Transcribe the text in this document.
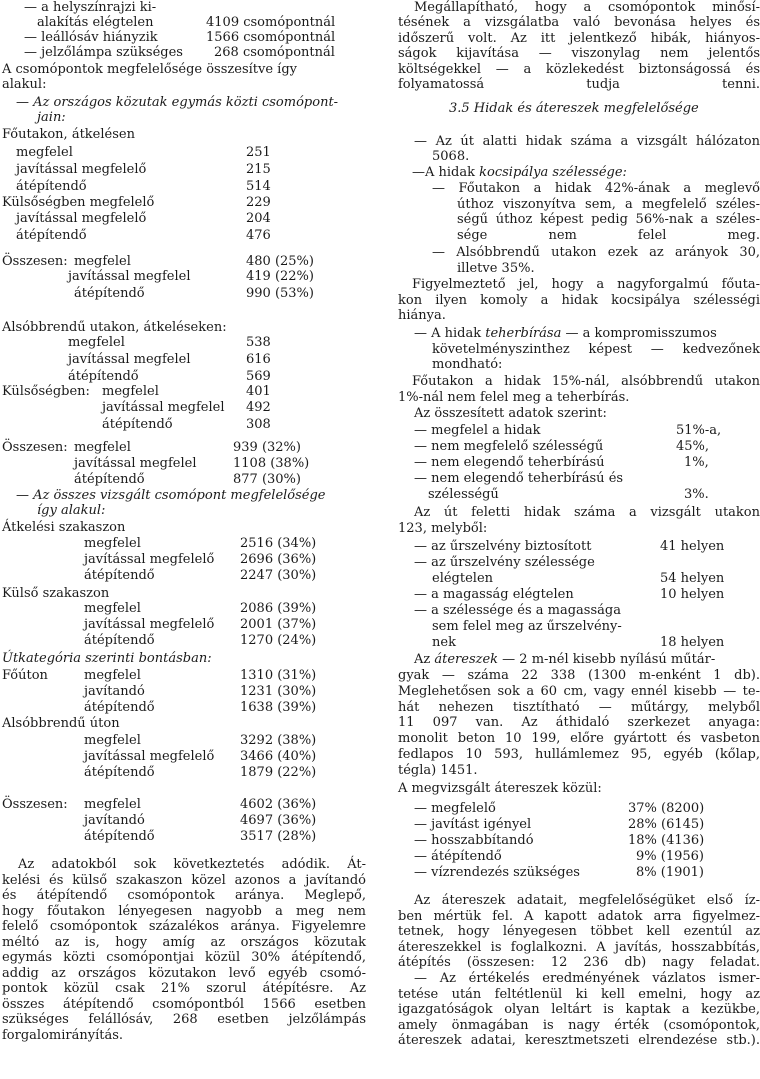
— a helyszínrajzi ki-
alakítás elégtelen	4109 csomópontnál
— leállósáv hiányzik	1566 csomópontnál
— jelzőlámpa szükséges 268 csomópontnál
A csomópontok megfelelősége összesítve így
alakul:
— Az országos közutak egymás közti csomópont-
jain:
Főutakon, átkelésen
megfelel	251
javítással megfelelő	215
átépítendő	514
Külsőségben megfelelő	229
javítással megfelelő	204
átépítendő	476
Összesen: megfelel	480 (25%)
javítással megfelel	419 (22%)
átépítendő	990 (53%)
Alsóbbrendű utakon, átkeléseken:
megfelel	538
javítással megfelel	616
átépítendő	569
Külsőségben: megfelel	401
javítással megfelel 492
átépítendő	308
Összesen: megfelel	939 (32%)
javítással megfelel	1108 (38%)
átépítendő	877 (30%)
— Az összes vizsgált csomópont megfelelősége
így alakul:
Átkelési szakaszon
megfelel	2516 (34%)
javítással megfelelő 2696 (36%)
átépítendő	2247 (30%)
Külső szakaszon
megfelel	2086 (39%)
javítással megfelelő 2001 (37%)
átépítendő	1270 (24%)
Útkategória szerinti bontásban:
Főúton	megfelel	1310 (31%)
javítandó	1231 (30%)
átépítendő	1638 (39%)
Alsóbbrendű úton
megfelel	3292 (38%)
javítással megfelelő 3466 (40%)
átépítendő	1879 (22%)
Összesen: megfelel	4602 (36%)
javítandó	4697 (36%)
átépítendő	3517 (28%)
Az adatokból sok következtetés adódik. Át-
kelési és külső szakaszon közel azonos a javítandó
és átépítendő csomópontok aránya. Meglepő,
hogy főutakon lényegesen nagyobb a meg nem
felelő csomópontok százalékos aránya. Figyelemre
méltó az is, hogy amíg az országos közutak
egymás közti csomópontjai közül 30% átépítendő,
addig az országos közutakon levő egyéb csomó-
pontok közül csak 21% szorul átépítésre. Az
összes átépítendő csomópontból 1566 esetben
szükséges felállósáv, 268 esetben jelzőlámpás
forgalomirányítás.
Megállapítható, hogy a csomópontok minősí-
tésének a vizsgálatba való bevonása helyes és
időszerű volt. Az itt jelentkező hibák, hiányos-
ságok kijavítása — viszonylag nem jelentős
költségekkel — a közlekedést biztonságossá és
folyamatossá tudja tenni.
3.5 Hidak és átereszek megfelelősége
— Az út alatti hidak száma a vizsgált hálózaton
5068.
—A hidak kocsipálya szélessége:
— Főutakon a hidak 42%-ának a meglevő
úthoz viszonyítva sem, a megfelelő széles-
ségű úthoz képest pedig 56%-nak a széles-
sége nem felel meg.
— Alsóbbrendű utakon ezek az arányok 30,
illetve 35%.
Figyelmeztető jel, hogy a nagyforgalmú főuta-
kon ilyen komoly a hidak kocsipálya szélességi
hiánya.
— A hidak teherbírása — a kompromisszumos
követelményszinthez képest — kedvezőnek
mondható:
Főutakon a hidak 15%-nál, alsóbbrendű utakon
1%-nál nem felel meg a teherbírás.
Az összesített adatok szerint:
— megfelel a hidak	51%-a,
— nem megfelelő szélességű	45%,
— nem elegendő teherbírású	1%,
— nem elegendő teherbírású és
szélességű	3%.
Az út feletti hidak száma a vizsgált utakon
123, melyből:
— az űrszelvény biztosított	41 helyen
— az űrszelvény szélessége
elégtelen	54 helyen
— a magasság elégtelen	10 helyen
— a szélessége és a magassága
sem felel meg az űrszelvény-
nek	18 helyen
Az átereszek — 2 m-nél kisebb nyílású műtár-
gyak — száma 22 338 (1300 m-enként 1 db).
Meglehetősen sok a 60 cm, vagy ennél kisebb — te-
hát nehezen tisztítható — műtárgy, melyből
11 097 van. Az áthidaló szerkezet anyaga:
monolit beton 10 199, előre gyártott és vasbeton
fedlapos 10 593, hullámlemez 95, egyéb (kőlap,
tégla) 1451.
A megvizsgált átereszek közül:
— megfelelő	37% (8200)
— javítást igényel	28% (6145)
— hosszabbítandó	18% (4136)
— átépítendő	9% (1956)
— vízrendezés szükséges	8% (1901)
Az átereszek adatait, megfelelőségüket első íz-
ben mértük fel. A kapott adatok arra figyelmez-
tetnek, hogy lényegesen többet kell ezentúl az
átereszekkel is foglalkozni. A javítás, hosszabbítás,
átépítés (összesen: 12 236 db) nagy feladat.
— Az értékelés eredményének vázlatos ismer-
tetése után feltétlenül ki kell emelni, hogy az
igazgatóságok olyan leltárt is kaptak a kezükbe,
amely önmagában is nagy érték (csomópontok,
átereszek adatai, keresztmetszeti elrendezése stb.).
